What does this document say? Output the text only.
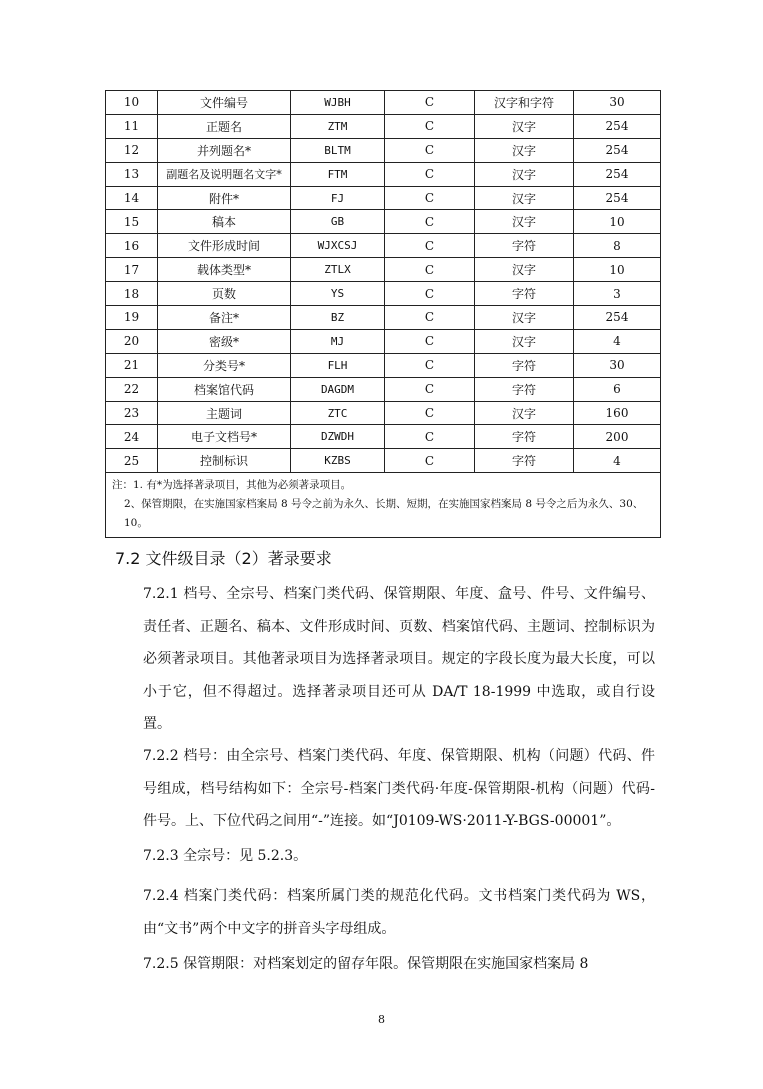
10	文件编号	WJBH	C	汉字和字符	30
11	正题名	ZTM	C	汉字	254
12	并列题名*	BLTM	C	汉字	254
13	副题名及说明题名文字*	FTM	C	汉字	254
14	附件*	FJ	C	汉字	254
15	稿本	GB	C	汉字	10
16	文件形成时间	WJXCSJ	C	字符	8
17	载体类型*	ZTLX	C	汉字	10
18	页数	YS	C	字符	3
19	备注*	BZ	C	汉字	254
20	密级*	MJ	C	汉字	4
21	分类号*	FLH	C	字符	30
22	档案馆代码	DAGDM	C	字符	6
23	主题词	ZTC	C	汉字	160
24	电子文档号*	DZWDH	C	字符	200
25	控制标识	KZBS	C	字符	4

注：1. 有*为选择著录项目，其他为必须著录项目。
2、保管期限，在实施国家档案局 8 号令之前为永久、长期、短期，在实施国家档案局 8 号令之后为永久、30、10。					
7.2 文件级目录（2）著录要求
7.2.1 档号、全宗号、档案门类代码、保管期限、年度、盒号、件号、文件编号、责任者、正题名、稿本、文件形成时间、页数、档案馆代码、主题词、控制标识为必须著录项目。其他著录项目为选择著录项目。规定的字段长度为最大长度，可以小于它，但不得超过。选择著录项目还可从 DA/T 18-1999 中选取，或自行设置。
7.2.2 档号：由全宗号、档案门类代码、年度、保管期限、机构（问题）代码、件号组成，档号结构如下：全宗号-档案门类代码·年度-保管期限-机构（问题）代码-件号。上、下位代码之间用“-”连接。如“J0109-WS·2011-Y-BGS-00001”。
7.2.3 全宗号：见 5.2.3。
7.2.4 档案门类代码：档案所属门类的规范化代码。文书档案门类代码为 WS，由“文书”两个中文字的拼音头字母组成。
7.2.5 保管期限：对档案划定的留存年限。保管期限在实施国家档案局 8
8
